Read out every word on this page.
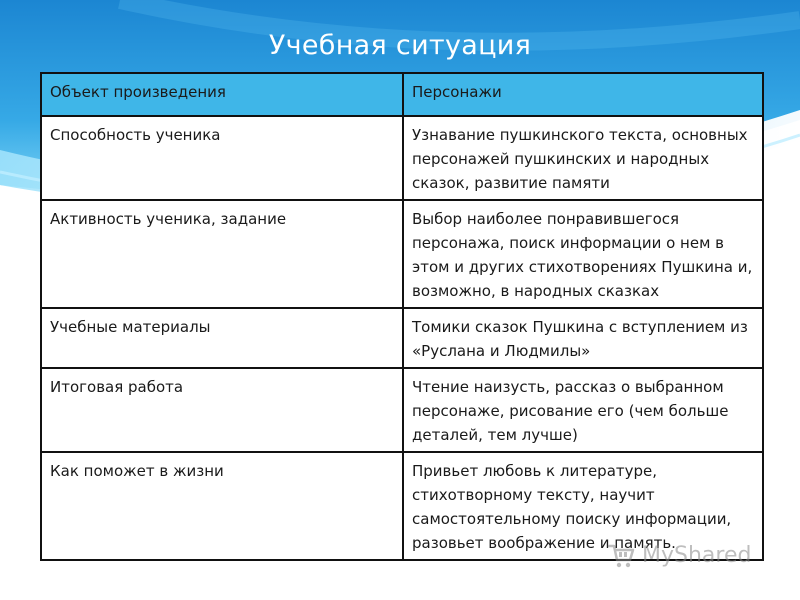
Учебная ситуация
Объект произведения	Персонажи
Способность ученика	Узнавание пушкинского текста, основных персонажей пушкинских и народных сказок, развитие памяти
Активность ученика, задание	Выбор наиболее понравившегося персонажа, поиск информации о нем в этом и других стихотворениях Пушкина и, возможно, в народных сказках
Учебные материалы	Томики сказок Пушкина с вступлением из «Руслана и Людмилы»
Итоговая работа	Чтение наизусть, рассказ о выбранном персонаже, рисование его (чем больше деталей, тем лучше)
Как поможет в жизни	Привьет любовь к литературе, стихотворному тексту, научит самостоятельному поиску информации, разовьет воображение и память.
MyShared
